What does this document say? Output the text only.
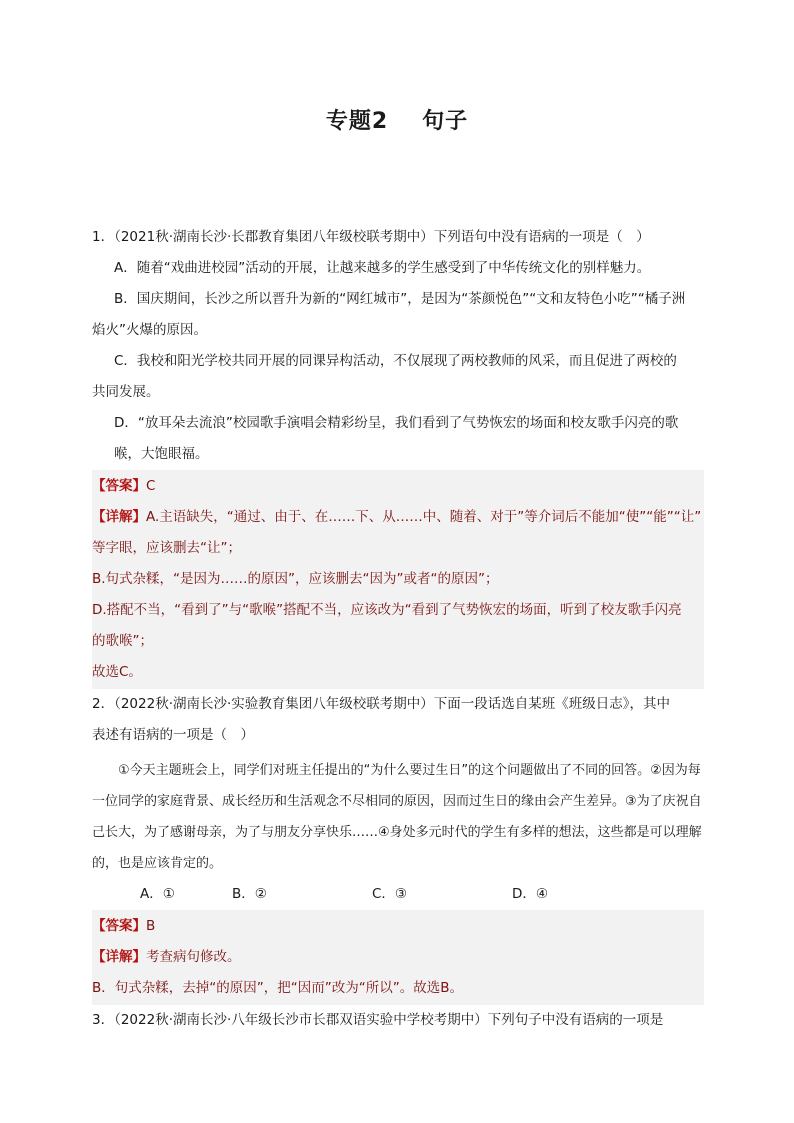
专题2 句子

1．（2021秋·湖南长沙·长郡教育集团八年级校联考期中）下列语句中没有语病的一项是（　）

A．随着“戏曲进校园”活动的开展，让越来越多的学生感受到了中华传统文化的别样魅力。

B．国庆期间，长沙之所以晋升为新的“网红城市”，是因为“茶颜悦色”“文和友特色小吃”“橘子洲

焰火”火爆的原因。

C．我校和阳光学校共同开展的同课异构活动，不仅展现了两校教师的风采，而且促进了两校的

共同发展。

D．“放耳朵去流浪”校园歌手演唱会精彩纷呈，我们看到了气势恢宏的场面和校友歌手闪亮的歌

喉，大饱眼福。

【答案】C

【详解】A.主语缺失，“通过、由于、在……下、从……中、随着、对于”等介词后不能加“使”“能”“让”

等字眼，应该删去“让”；

B.句式杂糅，“是因为……的原因”，应该删去“因为”或者“的原因”；

D.搭配不当，“看到了”与“歌喉”搭配不当，应该改为“看到了气势恢宏的场面，听到了校友歌手闪亮

的歌喉”；

故选C。

2．（2022秋·湖南长沙·实验教育集团八年级校联考期中）下面一段话选自某班《班级日志》，其中

表述有语病的一项是（　）

①今天主题班会上，同学们对班主任提出的“为什么要过生日”的这个问题做出了不同的回答。②因为每一位同学的家庭背景、成长经历和生活观念不尽相同的原因，因而过生日的缘由会产生差异。③为了庆祝自己长大，为了感谢母亲，为了与朋友分享快乐……④身处多元时代的学生有多样的想法，这些都是可以理解的，也是应该肯定的。

A．①	B．②	C．③	D．④

【答案】B

【详解】考查病句修改。

B．句式杂糅，去掉“的原因”，把“因而”改为“所以”。故选B。

3．（2022秋·湖南长沙·八年级长沙市长郡双语实验中学校考期中）下列句子中没有语病的一项是
